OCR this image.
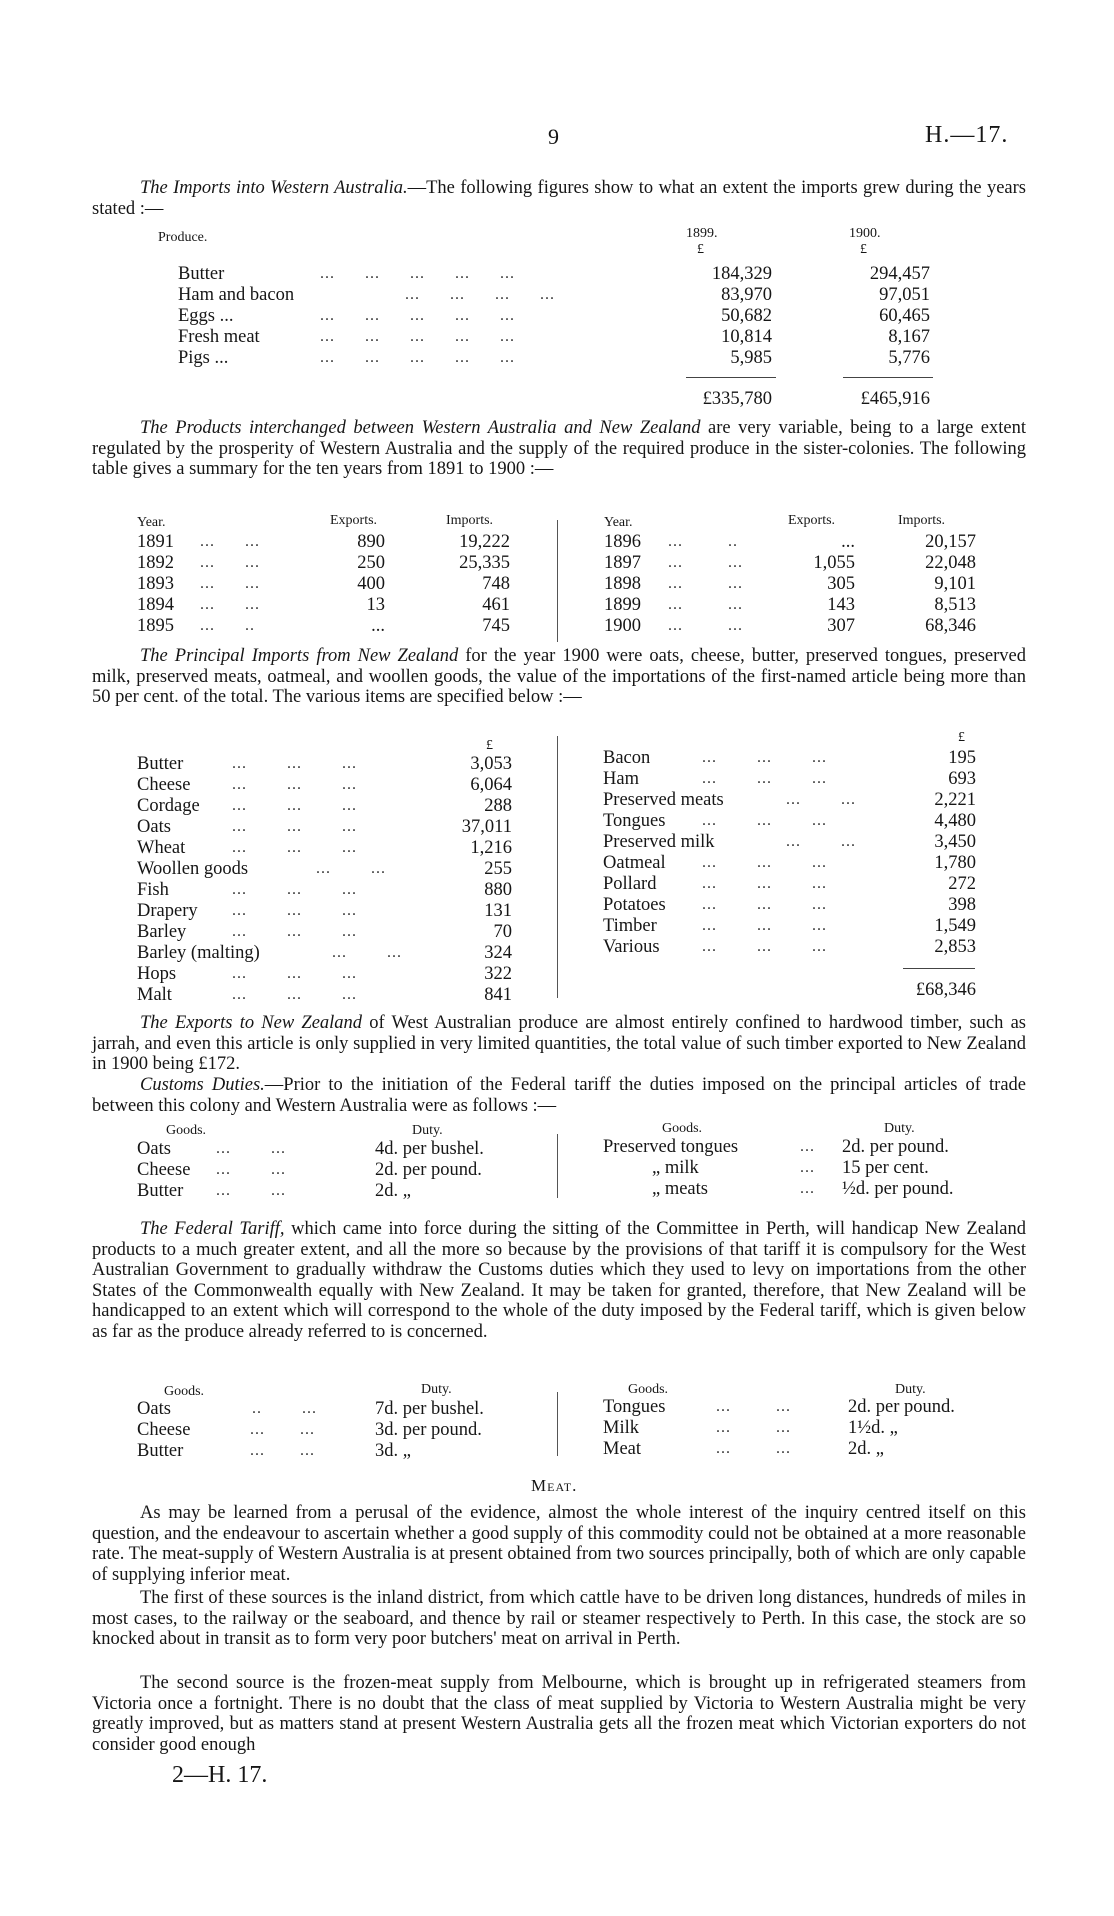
9	H.—17.
The Imports into Western Australia.—The following figures show to what an extent the imports grew during the years stated :—
Produce.	1899.	1900.
£	£
Butter	...      ...      ...      ...      ...	184,329	294,457
Ham and bacon	...      ...      ...      ...	83,970	97,051
Eggs ...	...      ...      ...      ...      ...	50,682	60,465
Fresh meat	...      ...      ...      ...      ...	10,814	8,167
Pigs ...	...      ...      ...      ...      ...	5,985	5,776
£335,780	£465,916
The Products interchanged between Western Australia and New Zealand are very variable, being to a large extent regulated by the prosperity of Western Australia and the supply of the required produce in the sister-colonies. The following table gives a summary for the ten years from 1891 to 1900 :—
Year.	Exports.	Imports.	Year.	Exports.	Imports.
1891 ...      ...	890	19,222
1892 ...      ...	250	25,335
1893 ...      ...	400	748
1894 ...      ...	13	461
1895 ...      ..	...	745
1896 ...         ..	...	20,157
1897 ...         ...	1,055	22,048
1898 ...         ...	305	9,101
1899 ...         ...	143	8,513
1900 ...         ...	307	68,346
The Principal Imports from New Zealand for the year 1900 were oats, cheese, butter, preserved tongues, preserved milk, preserved meats, oatmeal, and woollen goods, the value of the importations of the first-named article being more than 50 per cent. of the total. The various items are specified below :—
£
£
Butter	...        ...        ...	3,053
Cheese	...        ...        ...	6,064
Cordage ...        ...        ...	288
Oats	...        ...        ...	37,011
Wheat	...        ...        ...	1,216
Woollen goods	...        ...	255
Fish	...        ...        ...	880
Drapery ...        ...        ...	131
Barley	...        ...        ...	70
Barley (malting)	...        ...	324
Hops	...        ...        ...	322
Malt	...        ...        ...	841
Bacon	...        ...        ...	195
Ham	...        ...        ...	693
Preserved meats	...        ...	2,221
Tongues ...        ...        ...	4,480
Preserved milk	...        ...	3,450
Oatmeal ...        ...        ...	1,780
Pollard	...        ...        ...	272
Potatoes ...        ...        ...	398
Timber	...        ...        ...	1,549
Various	...        ...        ...	2,853
£68,346
The Exports to New Zealand of West Australian produce are almost entirely confined to hardwood timber, such as jarrah, and even this article is only supplied in very limited quantities, the total value of such timber exported to New Zealand in 1900 being £172.
Customs Duties.—Prior to the initiation of the Federal tariff the duties imposed on the principal articles of trade between this colony and Western Australia were as follows :—
Goods.	Duty.	Goods.	Duty.
Oats	...        ...	4d. per bushel.
Cheese ...        ...	2d. per pound.
Butter ...        ...	2d. „
Preserved tongues	... 2d. per pound.
„ milk	... 15 per cent.
„ meats	... ½d. per pound.
The Federal Tariff, which came into force during the sitting of the Committee in Perth, will handicap New Zealand products to a much greater extent, and all the more so because by the provisions of that tariff it is compulsory for the West Australian Government to gradually withdraw the Customs duties which they used to levy on importations from the other States of the Commonwealth equally with New Zealand. It may be taken for granted, therefore, that New Zealand will be handicapped to an extent which will correspond to the whole of the duty imposed by the Federal tariff, which is given below as far as the produce already referred to is concerned.
Goods.	Duty.	Goods.	Duty.
Oats	..        ...	7d. per bushel.
Cheese	...       ...	3d. per pound.
Butter	...       ...	3d. „
Tongues	...         ...	2d. per pound.
Milk	...         ...	1½d. „
Meat	...         ...	2d. „
Meat.
As may be learned from a perusal of the evidence, almost the whole interest of the inquiry centred itself on this question, and the endeavour to ascertain whether a good supply of this commodity could not be obtained at a more reasonable rate. The meat-supply of Western Australia is at present obtained from two sources principally, both of which are only capable of supplying inferior meat.
The first of these sources is the inland district, from which cattle have to be driven long distances, hundreds of miles in most cases, to the railway or the seaboard, and thence by rail or steamer respectively to Perth. In this case, the stock are so knocked about in transit as to form very poor butchers' meat on arrival in Perth.
The second source is the frozen-meat supply from Melbourne, which is brought up in refrigerated steamers from Victoria once a fortnight. There is no doubt that the class of meat supplied by Victoria to Western Australia might be very greatly improved, but as matters stand at present Western Australia gets all the frozen meat which Victorian exporters do not consider good enough
2—H. 17.
